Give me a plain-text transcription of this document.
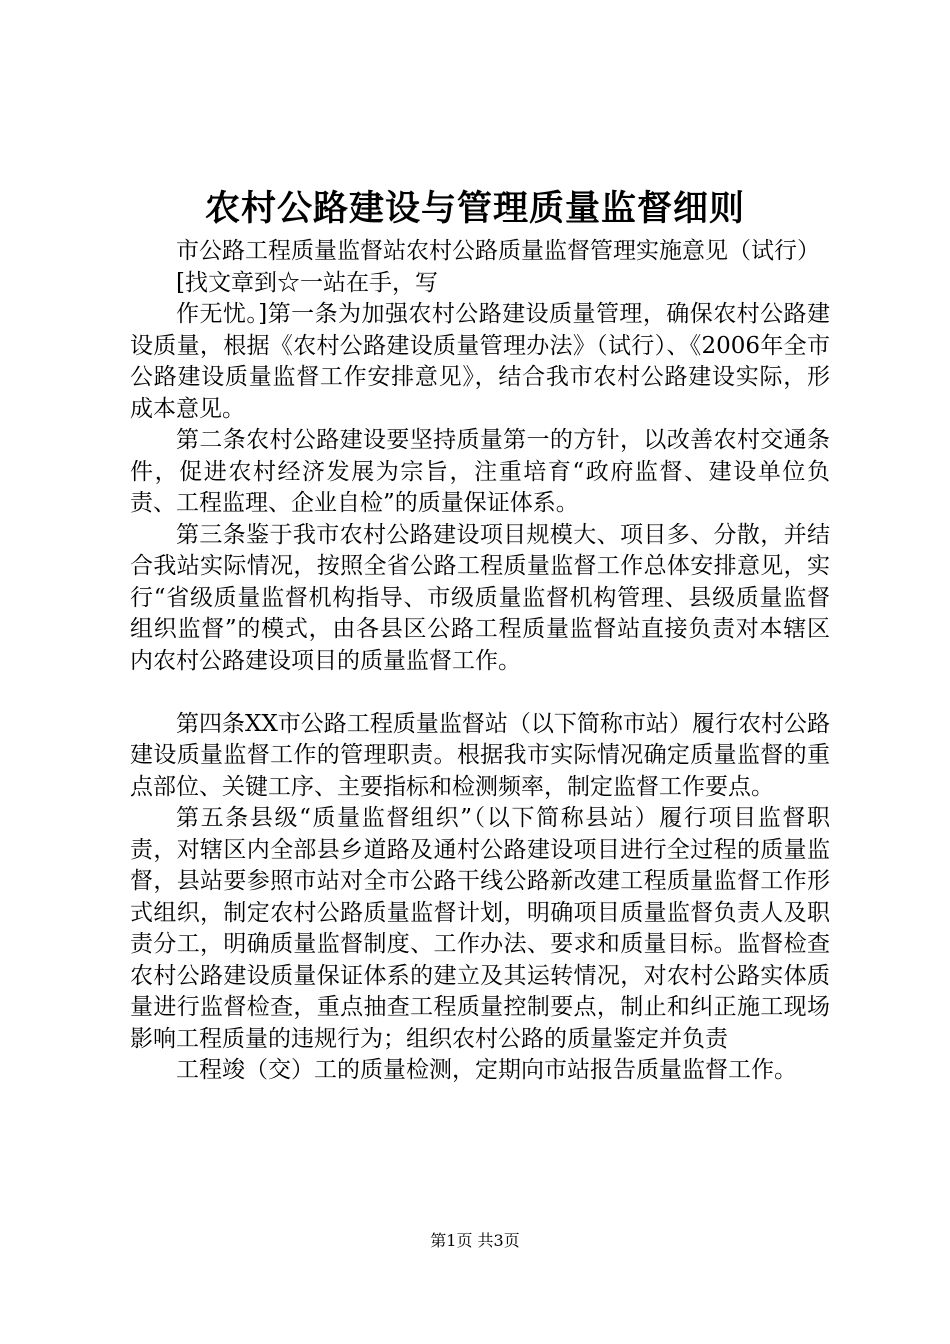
农村公路建设与管理质量监督细则
市公路工程质量监督站农村公路质量监督管理实施意见（试行）
[找文章到☆一站在手，写

作无忧。]第一条为加强农村公路建设质量管理，确保农村公路建设质量，根据《农村公路建设质量管理办法》（试行）、《2006年全市公路建设质量监督工作安排意见》，结合我市农村公路建设实际，形成本意见。

第二条农村公路建设要坚持质量第一的方针，以改善农村交通条件，促进农村经济发展为宗旨，注重培育“政府监督、建设单位负责、工程监理、企业自检”的质量保证体系。

第三条鉴于我市农村公路建设项目规模大、项目多、分散，并结合我站实际情况，按照全省公路工程质量监督工作总体安排意见，实行“省级质量监督机构指导、市级质量监督机构管理、县级质量监督组织监督”的模式，由各县区公路工程质量监督站直接负责对本辖区内农村公路建设项目的质量监督工作。

第四条XX市公路工程质量监督站（以下简称市站）履行农村公路建设质量监督工作的管理职责。根据我市实际情况确定质量监督的重点部位、关键工序、主要指标和检测频率，制定监督工作要点。

第五条县级“质量监督组织”（以下简称县站）履行项目监督职责，对辖区内全部县乡道路及通村公路建设项目进行全过程的质量监督，县站要参照市站对全市公路干线公路新改建工程质量监督工作形式组织，制定农村公路质量监督计划，明确项目质量监督负责人及职责分工，明确质量监督制度、工作办法、要求和质量目标。监督检查农村公路建设质量保证体系的建立及其运转情况，对农村公路实体质量进行监督检查，重点抽查工程质量控制要点，制止和纠正施工现场影响工程质量的违规行为；组织农村公路的质量鉴定并负责

工程竣（交）工的质量检测，定期向市站报告质量监督工作。

第1页 共3页
